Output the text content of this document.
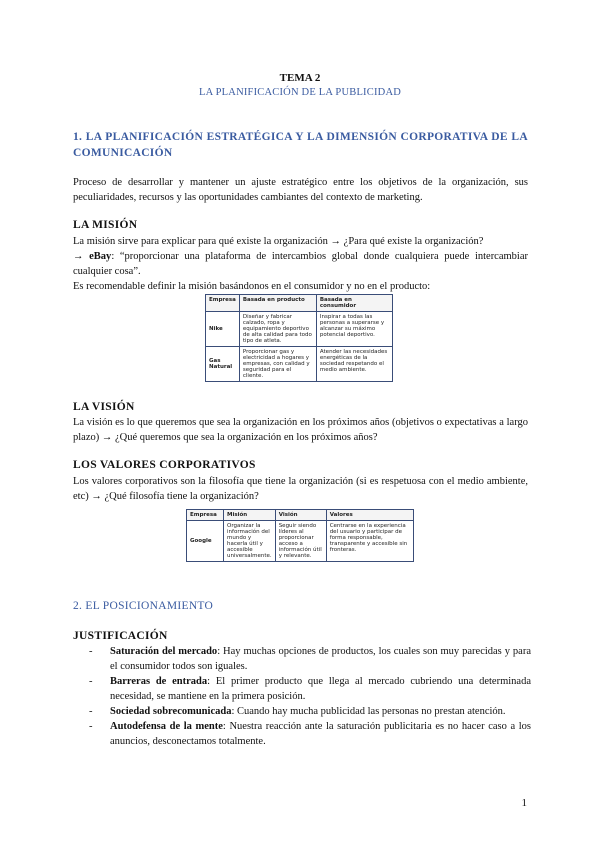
TEMA 2
LA PLANIFICACIÓN DE LA PUBLICIDAD
1. LA PLANIFICACIÓN ESTRATÉGICA Y LA DIMENSIÓN CORPORATIVA DE LA COMUNICACIÓN
Proceso de desarrollar y mantener un ajuste estratégico entre los objetivos de la organización, sus peculiaridades, recursos y las oportunidades cambiantes del contexto de marketing.
LA MISIÓN
La misión sirve para explicar para qué existe la organización → ¿Para qué existe la organización?
→ eBay: “proporcionar una plataforma de intercambios global donde cualquiera puede intercambiar cualquier cosa”.
Es recomendable definir la misión basándonos en el consumidor y no en el producto:
Empresa	Basada en producto	Basada en consumidor
Nike	Diseñar y fabricar calzado, ropa y equipamiento deportivo de alta calidad para todo tipo de atleta.	Inspirar a todas las personas a superarse y alcanzar su máximo potencial deportivo.
Gas Natural	Proporcionar gas y electricidad a hogares y empresas, con calidad y seguridad para el cliente.	Atender las necesidades energéticas de la sociedad respetando el medio ambiente.
LA VISIÓN
La visión es lo que queremos que sea la organización en los próximos años (objetivos o expectativas a largo plazo) → ¿Qué queremos que sea la organización en los próximos años?
LOS VALORES CORPORATIVOS
Los valores corporativos son la filosofía que tiene la organización (si es respetuosa con el medio ambiente, etc) → ¿Qué filosofía tiene la organización?
Empresa	Misión	Visión	Valores
Google	Organizar la información del mundo y hacerla útil y accesible universalmente.	Seguir siendo líderes al proporcionar acceso a información útil y relevante.	Centrarse en la experiencia del usuario y participar de forma responsable, transparente y accesible sin fronteras.
2. EL POSICIONAMIENTO
JUSTIFICACIÓN
- Saturación del mercado: Hay muchas opciones de productos, los cuales son muy parecidas y para el consumidor todos son iguales.
- Barreras de entrada: El primer producto que llega al mercado cubriendo una determinada necesidad, se mantiene en la primera posición.
- Sociedad sobrecomunicada: Cuando hay mucha publicidad las personas no prestan atención.
- Autodefensa de la mente: Nuestra reacción ante la saturación publicitaria es no hacer caso a los anuncios, desconectamos totalmente.
1
